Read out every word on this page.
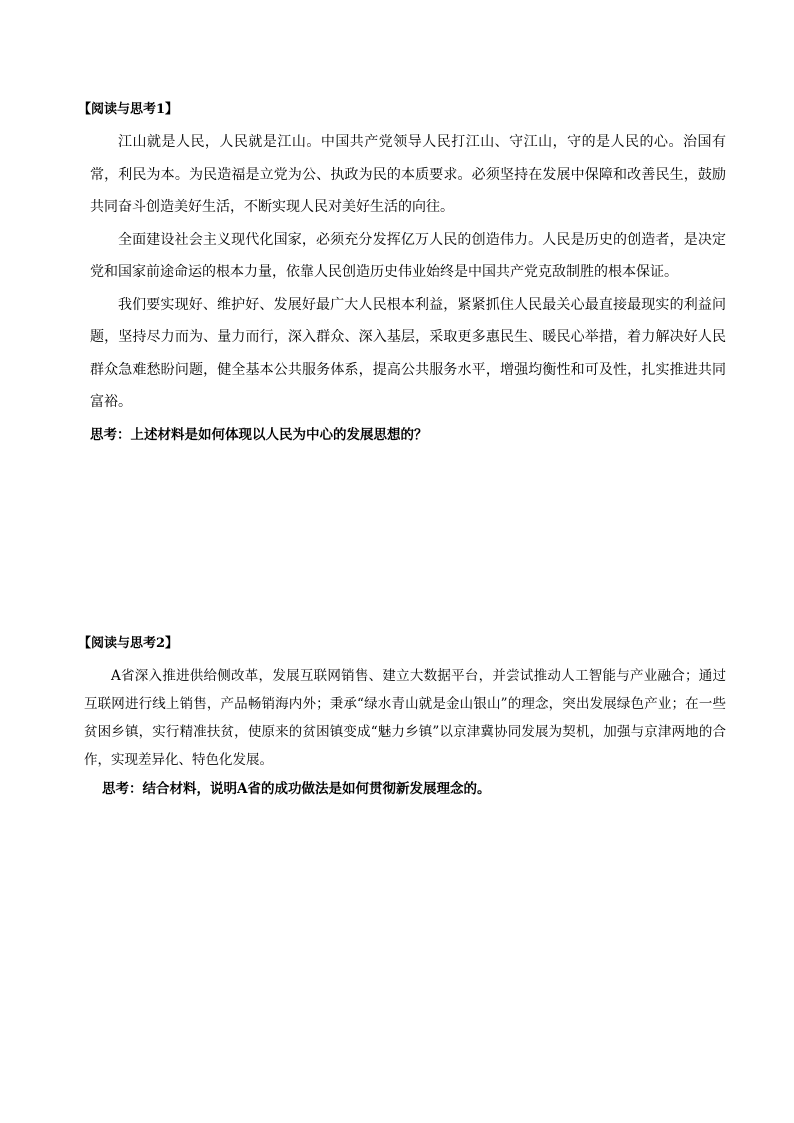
【阅读与思考1】

江山就是人民，人民就是江山。中国共产党领导人民打江山、守江山，守的是人民的心。治国有常，利民为本。为民造福是立党为公、执政为民的本质要求。必须坚持在发展中保障和改善民生，鼓励共同奋斗创造美好生活，不断实现人民对美好生活的向往。

全面建设社会主义现代化国家，必须充分发挥亿万人民的创造伟力。人民是历史的创造者，是决定党和国家前途命运的根本力量，依靠人民创造历史伟业始终是中国共产党克敌制胜的根本保证。

我们要实现好、维护好、发展好最广大人民根本利益，紧紧抓住人民最关心最直接最现实的利益问题，坚持尽力而为、量力而行，深入群众、深入基层，采取更多惠民生、暖民心举措，着力解决好人民群众急难愁盼问题，健全基本公共服务体系，提高公共服务水平，增强均衡性和可及性，扎实推进共同富裕。

思考：上述材料是如何体现以人民为中心的发展思想的？

【阅读与思考2】

A省深入推进供给侧改革，发展互联网销售、建立大数据平台，并尝试推动人工智能与产业融合；通过互联网进行线上销售，产品畅销海内外；秉承“绿水青山就是金山银山”的理念，突出发展绿色产业；在一些贫困乡镇，实行精准扶贫，使原来的贫困镇变成“魅力乡镇”以京津冀协同发展为契机，加强与京津两地的合作，实现差异化、特色化发展。

思考：结合材料，说明A省的成功做法是如何贯彻新发展理念的。
